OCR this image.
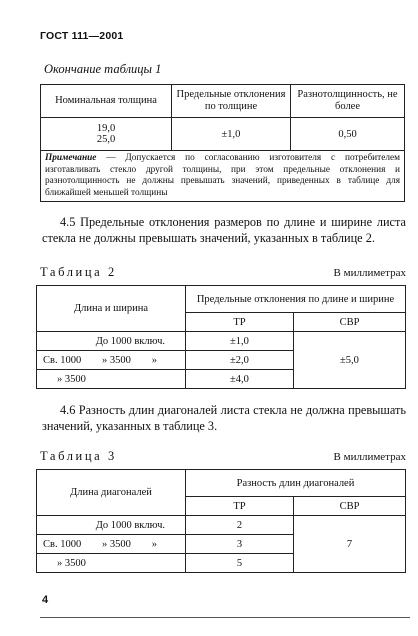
ГОСТ 111—2001
Окончание таблицы 1
Номинальная толщина	Предельные отклонения по толщине	Разнотолщинность, не более

19,0
25,0	±1,0	0,50
Примечание — Допускается по согласованию изготовителя с потребителем изготавливать стекло другой толщины, при этом предельные отклонения и разнотолщинность не должны превышать значений, приведенных в таблице для ближайшей меньшей толщины		
4.5 Предельные отклонения размеров по длине и ширине листа стекла не должны превышать значений, указанных в таблице 2.
Таблица 2	В миллиметрах
Длина и ширина	Предельные отклонения по длине и ширине	
	ТР	СВР
До 1000 включ.	±1,0	±5,0

Св. 1000 » 3500 »	±2,0	

» 3500	±4,0	
4.6 Разность длин диагоналей листа стекла не должна превышать значений, указанных в таблице 3.
Таблица 3	В миллиметрах
Длина диагоналей	Разность длин диагоналей	
	ТР	СВР
До 1000 включ.	2	7

Св. 1000 » 3500 »	3	

» 3500	5	
4
